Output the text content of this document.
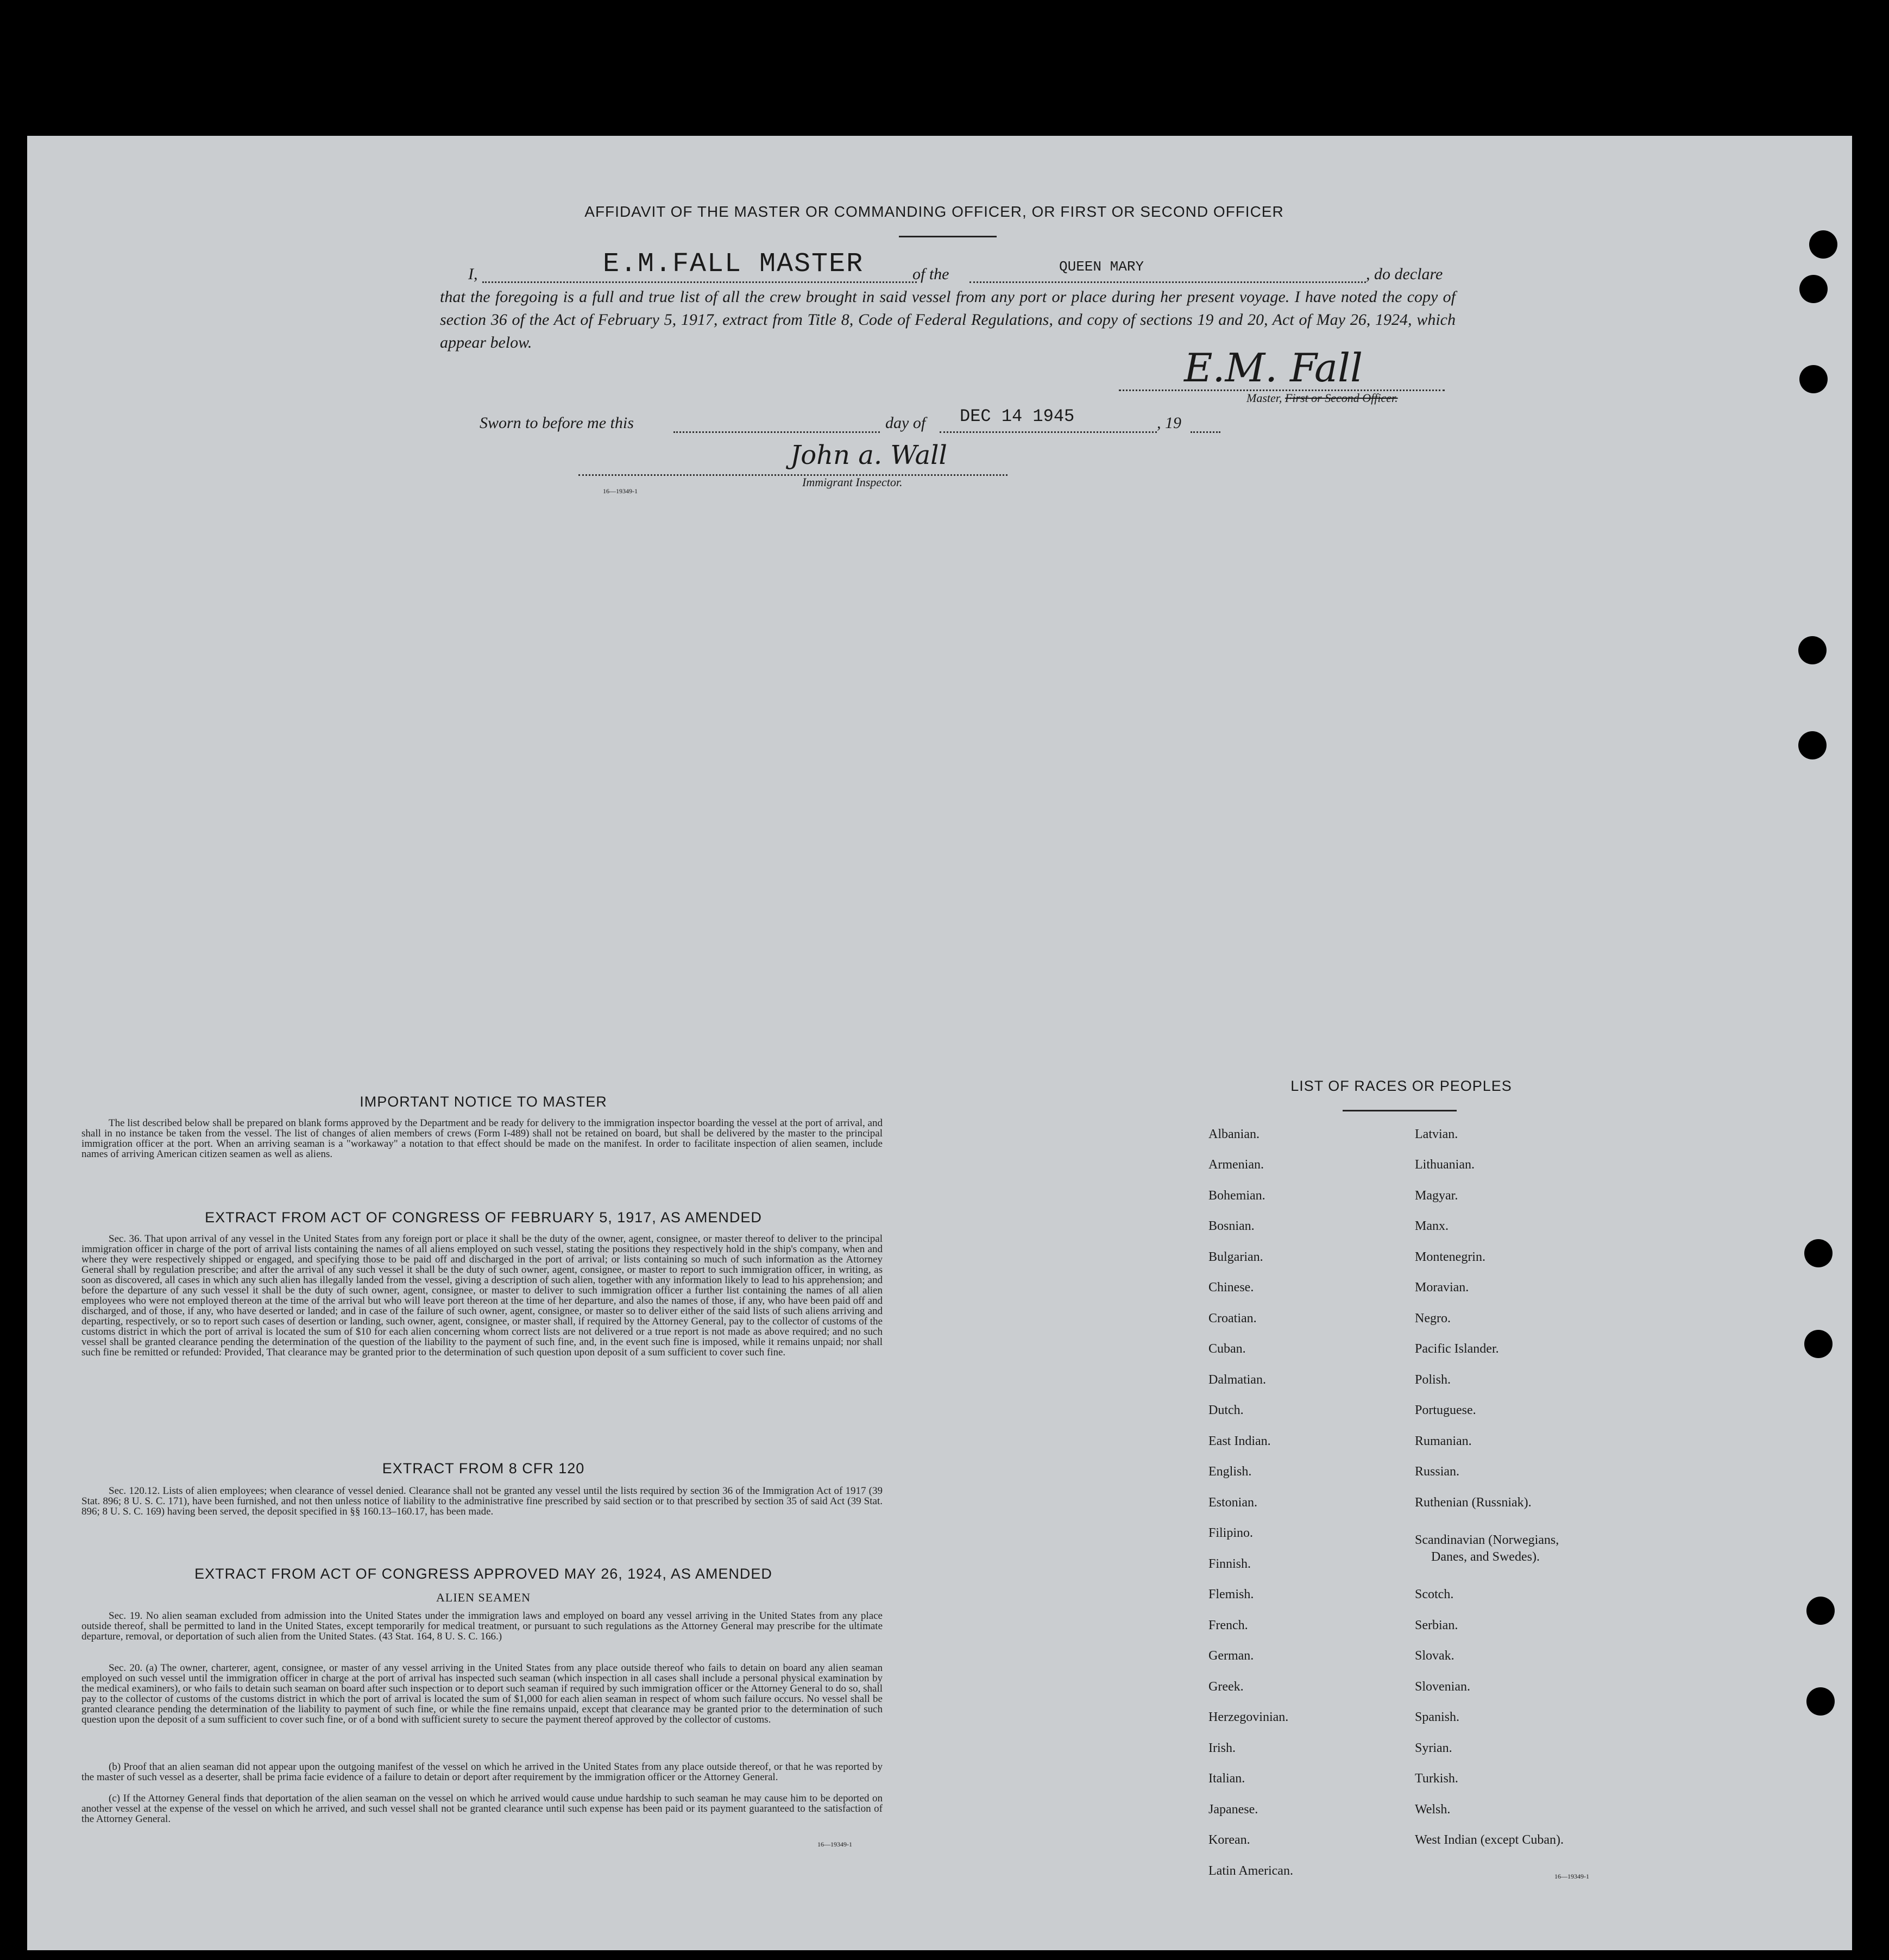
AFFIDAVIT OF THE MASTER OR COMMANDING OFFICER, OR FIRST OR SECOND OFFICER
I,	E.M.FALL MASTER	of the	QUEEN MARY	, do declare
that the foregoing is a full and true list of all the crew brought in said vessel from any port or place during her present voyage. I have noted the copy of section 36 of the Act of February 5, 1917, extract from Title 8, Code of Federal Regulations, and copy of sections 19 and 20, Act of May 26, 1924, which appear below.
E.M. Fall
Master, First or Second Officer.
Sworn to before me this	day of DEC 14 1945	, 19
John a. Wall
Immigrant Inspector.
16—19349-1
IMPORTANT NOTICE TO MASTER
The list described below shall be prepared on blank forms approved by the Department and be ready for delivery to the immigration inspector boarding the vessel at the port of arrival, and shall in no instance be taken from the vessel. The list of changes of alien members of crews (Form I-489) shall not be retained on board, but shall be delivered by the master to the principal immigration officer at the port. When an arriving seaman is a "workaway" a notation to that effect should be made on the manifest. In order to facilitate inspection of alien seamen, include names of arriving American citizen seamen as well as aliens.
EXTRACT FROM ACT OF CONGRESS OF FEBRUARY 5, 1917, AS AMENDED
Sec. 36. That upon arrival of any vessel in the United States from any foreign port or place it shall be the duty of the owner, agent, consignee, or master thereof to deliver to the principal immigration officer in charge of the port of arrival lists containing the names of all aliens employed on such vessel, stating the positions they respectively hold in the ship's company, when and where they were respectively shipped or engaged, and specifying those to be paid off and discharged in the port of arrival; or lists containing so much of such information as the Attorney General shall by regulation prescribe; and after the arrival of any such vessel it shall be the duty of such owner, agent, consignee, or master to report to such immigration officer, in writing, as soon as discovered, all cases in which any such alien has illegally landed from the vessel, giving a description of such alien, together with any information likely to lead to his apprehension; and before the departure of any such vessel it shall be the duty of such owner, agent, consignee, or master to deliver to such immigration officer a further list containing the names of all alien employees who were not employed thereon at the time of the arrival but who will leave port thereon at the time of her departure, and also the names of those, if any, who have been paid off and discharged, and of those, if any, who have deserted or landed; and in case of the failure of such owner, agent, consignee, or master so to deliver either of the said lists of such aliens arriving and departing, respectively, or so to report such cases of desertion or landing, such owner, agent, consignee, or master shall, if required by the Attorney General, pay to the collector of customs of the customs district in which the port of arrival is located the sum of $10 for each alien concerning whom correct lists are not delivered or a true report is not made as above required; and no such vessel shall be granted clearance pending the determination of the question of the liability to the payment of such fine, and, in the event such fine is imposed, while it remains unpaid; nor shall such fine be remitted or refunded: Provided, That clearance may be granted prior to the determination of such question upon deposit of a sum sufficient to cover such fine.
EXTRACT FROM 8 CFR 120
Sec. 120.12. Lists of alien employees; when clearance of vessel denied. Clearance shall not be granted any vessel until the lists required by section 36 of the Immigration Act of 1917 (39 Stat. 896; 8 U. S. C. 171), have been furnished, and not then unless notice of liability to the administrative fine prescribed by said section or to that prescribed by section 35 of said Act (39 Stat. 896; 8 U. S. C. 169) having been served, the deposit specified in §§ 160.13–160.17, has been made.
EXTRACT FROM ACT OF CONGRESS APPROVED MAY 26, 1924, AS AMENDED
ALIEN SEAMEN
Sec. 19. No alien seaman excluded from admission into the United States under the immigration laws and employed on board any vessel arriving in the United States from any place outside thereof, shall be permitted to land in the United States, except temporarily for medical treatment, or pursuant to such regulations as the Attorney General may prescribe for the ultimate departure, removal, or deportation of such alien from the United States. (43 Stat. 164, 8 U. S. C. 166.)
Sec. 20. (a) The owner, charterer, agent, consignee, or master of any vessel arriving in the United States from any place outside thereof who fails to detain on board any alien seaman employed on such vessel until the immigration officer in charge at the port of arrival has inspected such seaman (which inspection in all cases shall include a personal physical examination by the medical examiners), or who fails to detain such seaman on board after such inspection or to deport such seaman if required by such immigration officer or the Attorney General to do so, shall pay to the collector of customs of the customs district in which the port of arrival is located the sum of $1,000 for each alien seaman in respect of whom such failure occurs. No vessel shall be granted clearance pending the determination of the liability to payment of such fine, or while the fine remains unpaid, except that clearance may be granted prior to the determination of such question upon the deposit of a sum sufficient to cover such fine, or of a bond with sufficient surety to secure the payment thereof approved by the collector of customs.
(b) Proof that an alien seaman did not appear upon the outgoing manifest of the vessel on which he arrived in the United States from any place outside thereof, or that he was reported by the master of such vessel as a deserter, shall be prima facie evidence of a failure to detain or deport after requirement by the immigration officer or the Attorney General.
(c) If the Attorney General finds that deportation of the alien seaman on the vessel on which he arrived would cause undue hardship to such seaman he may cause him to be deported on another vessel at the expense of the vessel on which he arrived, and such vessel shall not be granted clearance until such expense has been paid or its payment guaranteed to the satisfaction of the Attorney General.
16—19349-1
LIST OF RACES OR PEOPLES
Albanian.
Armenian.
Bohemian.
Bosnian.
Bulgarian.
Chinese.
Croatian.
Cuban.
Dalmatian.
Dutch.
East Indian.
English.
Estonian.
Filipino.
Finnish.
Flemish.
French.
German.
Greek.
Herzegovinian.
Irish.
Italian.
Japanese.
Korean.
Latin American.
Latvian.
Lithuanian.
Magyar.
Manx.
Montenegrin.
Moravian.
Negro.
Pacific Islander.
Polish.
Portuguese.
Rumanian.
Russian.
Ruthenian (Russniak).
Scandinavian (Norwegians,
Danes, and Swedes).
Scotch.
Serbian.
Slovak.
Slovenian.
Spanish.
Syrian.
Turkish.
Welsh.
West Indian (except Cuban).
16—19349-1
